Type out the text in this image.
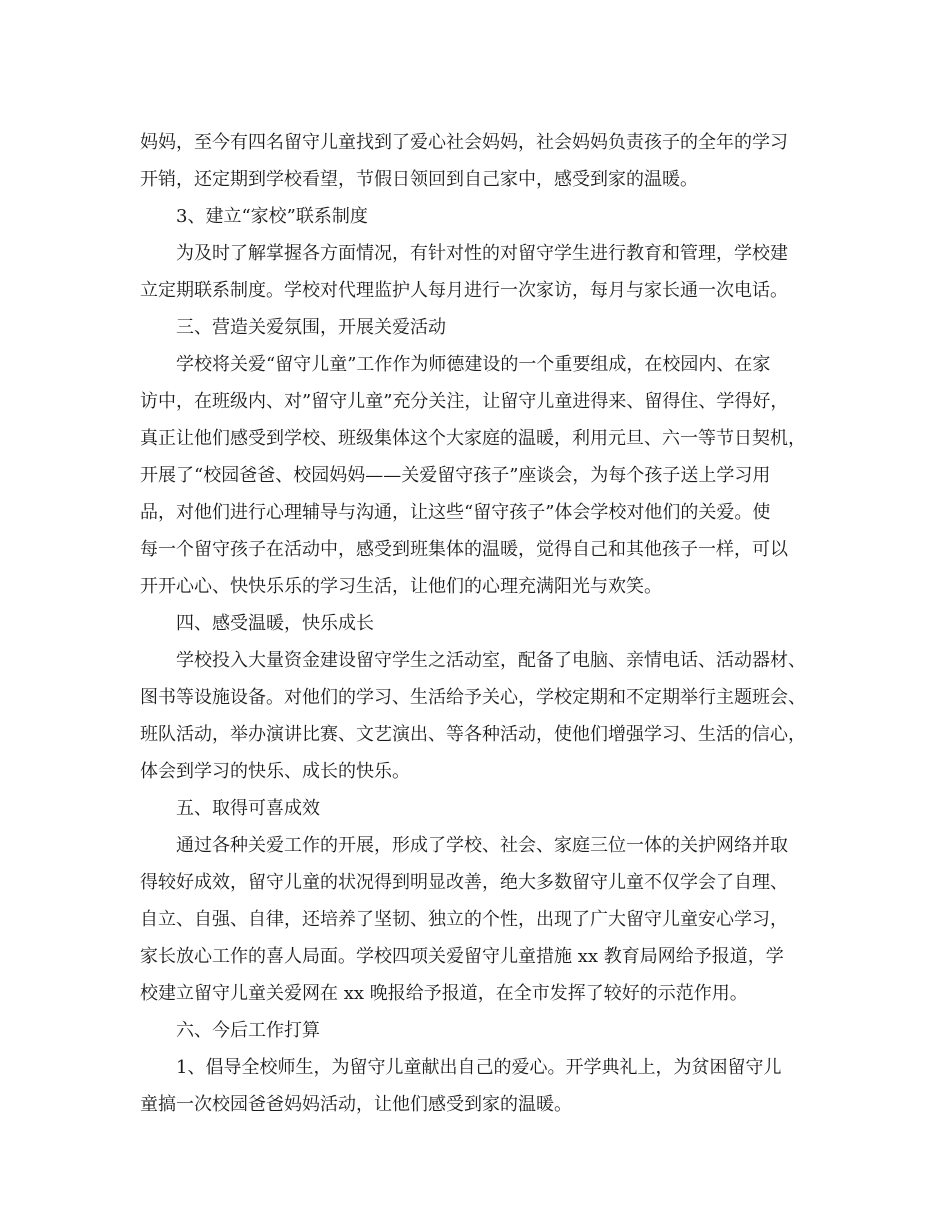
妈妈，至今有四名留守儿童找到了爱心社会妈妈，社会妈妈负责孩子的全年的学习
开销，还定期到学校看望，节假日领回到自己家中，感受到家的温暖。
3、建立“家校”联系制度
为及时了解掌握各方面情况，有针对性的对留守学生进行教育和管理，学校建
立定期联系制度。学校对代理监护人每月进行一次家访，每月与家长通一次电话。
三、营造关爱氛围，开展关爱活动
学校将关爱“留守儿童”工作作为师德建设的一个重要组成，在校园内、在家
访中，在班级内、对”留守儿童”充分关注，让留守儿童进得来、留得住、学得好，
真正让他们感受到学校、班级集体这个大家庭的温暖，利用元旦、六一等节日契机，
开展了“校园爸爸、校园妈妈——关爱留守孩子”座谈会，为每个孩子送上学习用
品，对他们进行心理辅导与沟通，让这些“留守孩子”体会学校对他们的关爱。使
每一个留守孩子在活动中，感受到班集体的温暖，觉得自己和其他孩子一样，可以
开开心心、快快乐乐的学习生活，让他们的心理充满阳光与欢笑。
四、感受温暖，快乐成长
学校投入大量资金建设留守学生之活动室，配备了电脑、亲情电话、活动器材、
图书等设施设备。对他们的学习、生活给予关心，学校定期和不定期举行主题班会、
班队活动，举办演讲比赛、文艺演出、等各种活动，使他们增强学习、生活的信心，
体会到学习的快乐、成长的快乐。
五、取得可喜成效
通过各种关爱工作的开展，形成了学校、社会、家庭三位一体的关护网络并取
得较好成效，留守儿童的状况得到明显改善，绝大多数留守儿童不仅学会了自理、
自立、自强、自律，还培养了坚韧、独立的个性，出现了广大留守儿童安心学习，
家长放心工作的喜人局面。学校四项关爱留守儿童措施 xx 教育局网给予报道，学
校建立留守儿童关爱网在 xx 晚报给予报道，在全市发挥了较好的示范作用。
六、今后工作打算
1、倡导全校师生，为留守儿童献出自己的爱心。开学典礼上，为贫困留守儿
童搞一次校园爸爸妈妈活动，让他们感受到家的温暖。
